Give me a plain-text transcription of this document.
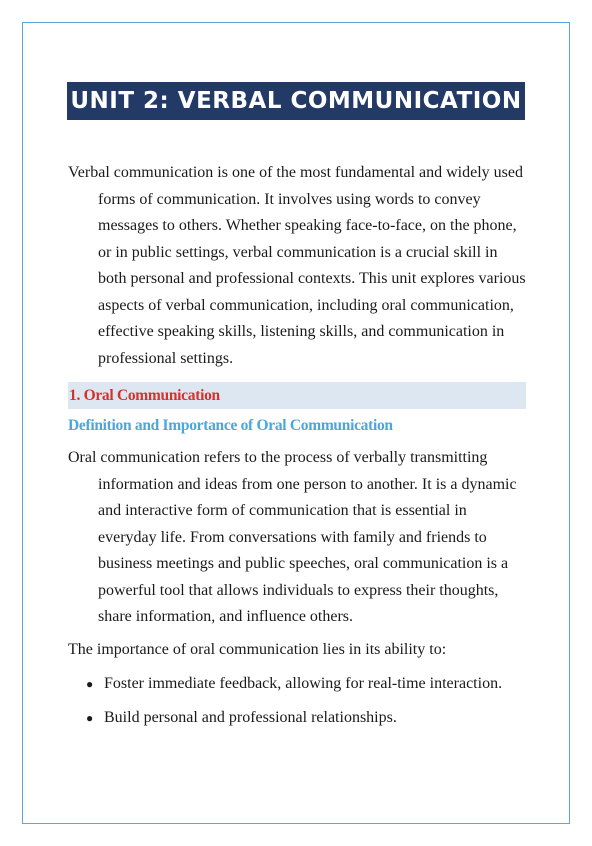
UNIT 2: VERBAL COMMUNICATION

Verbal communication is one of the most fundamental and widely used forms of communication. It involves using words to convey messages to others. Whether speaking face-to-face, on the phone, or in public settings, verbal communication is a crucial skill in both personal and professional contexts. This unit explores various aspects of verbal communication, including oral communication, effective speaking skills, listening skills, and communication in professional settings.

1. Oral Communication
Definition and Importance of Oral Communication

Oral communication refers to the process of verbally transmitting information and ideas from one person to another. It is a dynamic and interactive form of communication that is essential in everyday life. From conversations with family and friends to business meetings and public speeches, oral communication is a powerful tool that allows individuals to express their thoughts, share information, and influence others.

The importance of oral communication lies in its ability to:

● Foster immediate feedback, allowing for real-time interaction.
● Build personal and professional relationships.
